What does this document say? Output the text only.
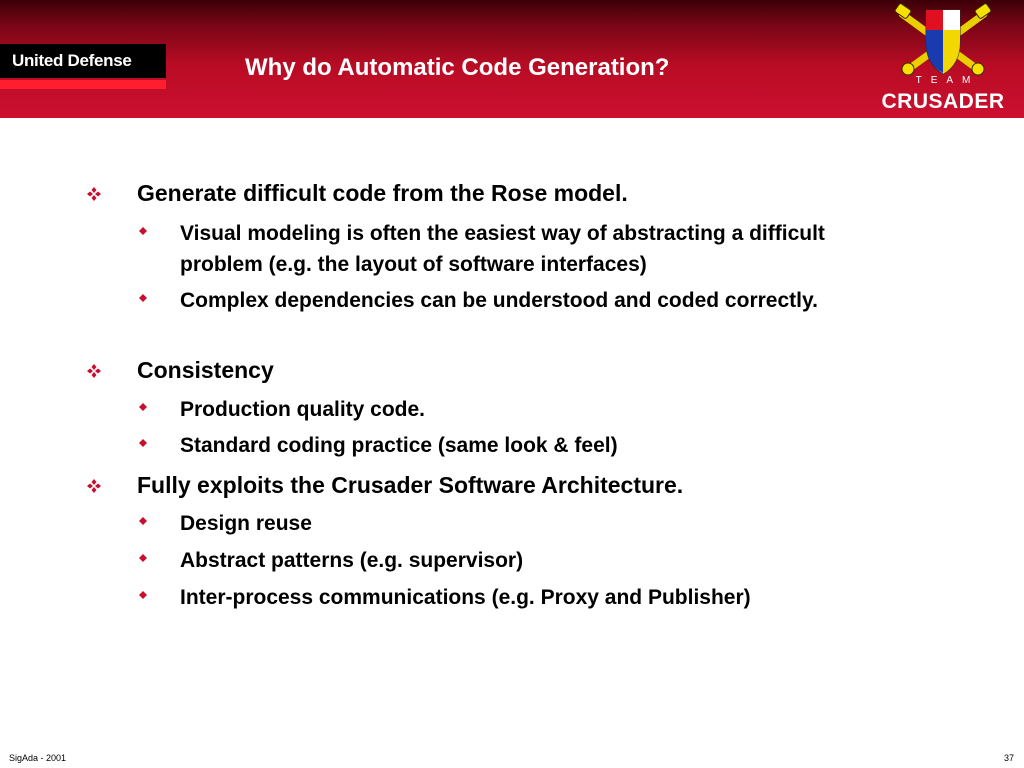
United Defense	Why do Automatic Code Generation?	TEAM
CRUSADER
Generate difficult code from the Rose model.
Visual modeling is often the easiest way of abstracting a difficult problem (e.g. the layout of software interfaces)
Complex dependencies can be understood and coded correctly.
Consistency
Production quality code.
Standard coding practice (same look & feel)
Fully exploits the Crusader Software Architecture.
Design reuse
Abstract patterns (e.g. supervisor)
Inter-process communications (e.g. Proxy and Publisher)
SigAda - 2001	37
